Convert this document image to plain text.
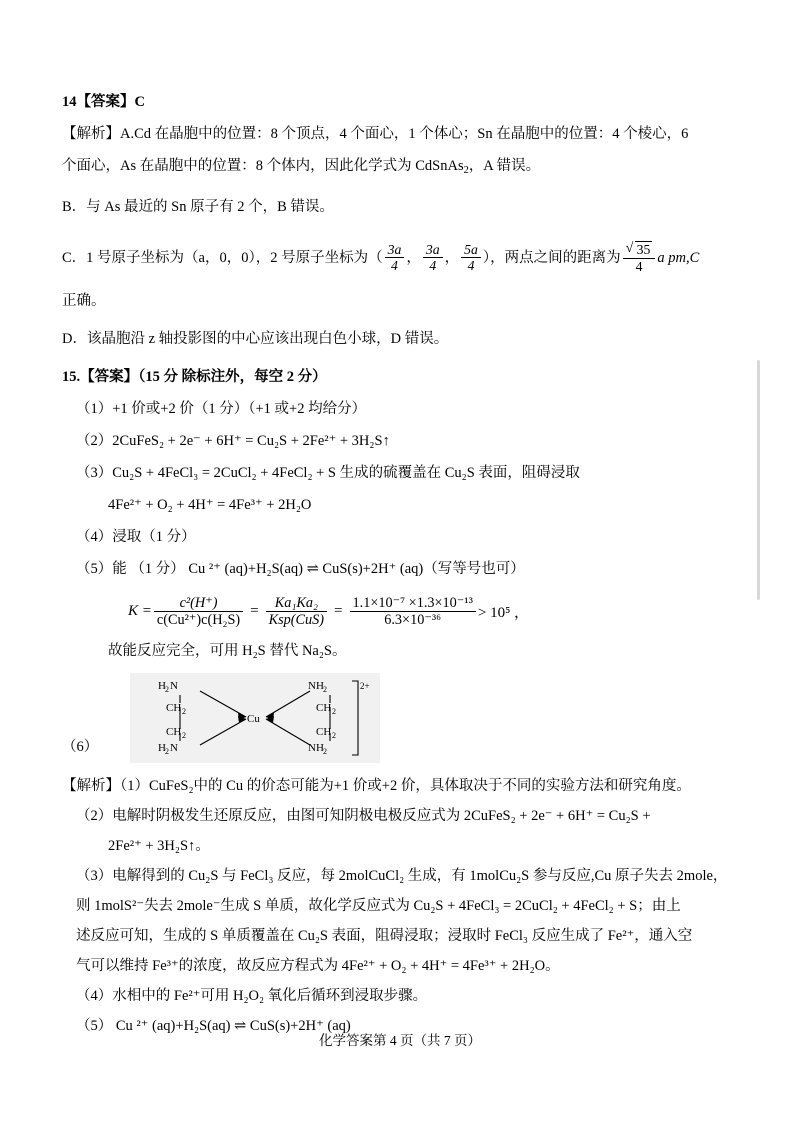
14【答案】C
【解析】A.Cd 在晶胞中的位置：8 个顶点，4 个面心，1 个体心；Sn 在晶胞中的位置：4 个棱心，6
个面心，As 在晶胞中的位置：8 个体内，因此化学式为 CdSnAs$_2$，A 错误。
B．与 As 最近的 Sn 原子有 2 个，B 错误。
C．1 号原子坐标为（a，0，0），2 号原子坐标为（ $\frac{3a}{4}$ ， $\frac{3a}{4}$ ， $\frac{5a}{4}$ ），两点之间的距离为 √ $\frac{35}{4}$ a pm,C
正确。
D．该晶胞沿 z 轴投影图的中心应该出现白色小球，D 错误。
15.【答案】（15 分 除标注外，每空 2 分）
（1）+1 价或+2 价（1 分）（+1 或+2 均给分）
（2）2CuFeS₂ + 2e⁻ + 6H⁺ = Cu₂S + 2Fe²⁺ + 3H₂S↑
（3）Cu₂S + 4FeCl₃ = 2CuCl₂ + 4FeCl₂ + S 生成的硫覆盖在 Cu₂S 表面，阻碍浸取
4Fe²⁺ + O₂ + 4H⁺ = 4Fe³⁺ + 2H₂O
（4）浸取（1 分）
（5）能 （1 分） Cu ²⁺ (aq)+H₂S(aq) ⇌ CuS(s)+2H⁺ (aq)（写等号也可）
$K = \frac{\text{c²(H⁺)}}{\text{c(Cu²⁺)c(H₂S)}} = \frac{\text{Ka₁Ka₂}}{\text{Ksp(CuS)}} = \frac{\text{1.1×10⁻⁷ ×1.3×10⁻¹³}}{\text{6.3×10⁻³⁶}} > 10^5$ ，
故能反应完全，可用 H₂S 替代 Na₂S。
H 2 N	NH 2
H 2 N	NH 2
CH 2
CH 2
CH 2
CH 2
Cu
2+
（6）
【解析】（1）CuFeS₂中的 Cu 的价态可能为+1 价或+2 价，具体取决于不同的实验方法和研究角度。
（2）电解时阴极发生还原反应，由图可知阴极电极反应式为 2CuFeS₂ + 2e⁻ + 6H⁺ = Cu₂S +
2Fe²⁺ + 3H₂S↑。
（3）电解得到的 Cu₂S 与 FeCl₃ 反应，每 2molCuCl₂ 生成，有 1molCu₂S 参与反应,Cu 原子失去 2mole，
则 1molS²⁻失去 2mole⁻生成 S 单质，故化学反应式为 Cu₂S + 4FeCl₃ = 2CuCl₂ + 4FeCl₂ + S；由上
述反应可知，生成的 S 单质覆盖在 Cu₂S 表面，阻碍浸取；浸取时 FeCl₃ 反应生成了 Fe²⁺，通入空
气可以维持 Fe³⁺的浓度，故反应方程式为 4Fe²⁺ + O₂ + 4H⁺ = 4Fe³⁺ + 2H₂O。
（4）水相中的 Fe²⁺可用 H₂O₂ 氧化后循环到浸取步骤。
（5） Cu ²⁺ (aq)+H₂S(aq) ⇌ CuS(s)+2H⁺ (aq)
化学答案第 4 页（共 7 页）
